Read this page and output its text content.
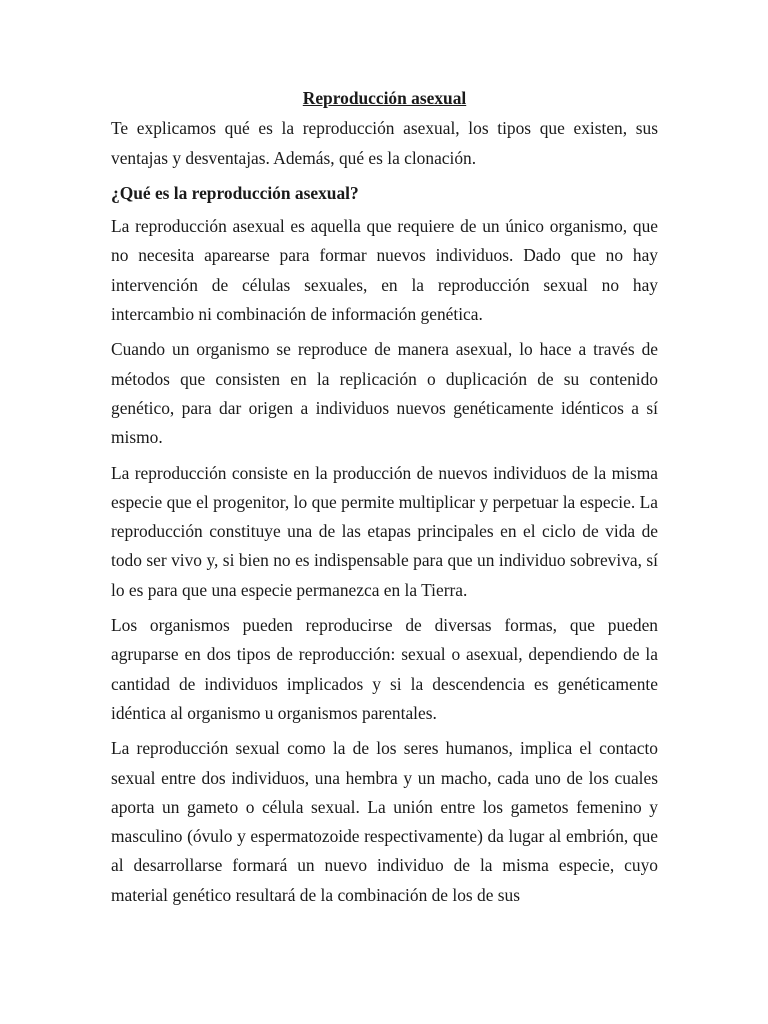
Reproducción asexual

Te explicamos qué es la reproducción asexual, los tipos que existen, sus ventajas y desventajas. Además, qué es la clonación.

¿Qué es la reproducción asexual?

La reproducción asexual es aquella que requiere de un único organismo, que no necesita aparearse para formar nuevos individuos. Dado que no hay intervención de células sexuales, en la reproducción sexual no hay intercambio ni combinación de información genética.

Cuando un organismo se reproduce de manera asexual, lo hace a través de métodos que consisten en la replicación o duplicación de su contenido genético, para dar origen a individuos nuevos genéticamente idénticos a sí mismo.

La reproducción consiste en la producción de nuevos individuos de la misma especie que el progenitor, lo que permite multiplicar y perpetuar la especie. La reproducción constituye una de las etapas principales en el ciclo de vida de todo ser vivo y, si bien no es indispensable para que un individuo sobreviva, sí lo es para que una especie permanezca en la Tierra.

Los organismos pueden reproducirse de diversas formas, que pueden agruparse en dos tipos de reproducción: sexual o asexual, dependiendo de la cantidad de individuos implicados y si la descendencia es genéticamente idéntica al organismo u organismos parentales.

La reproducción sexual como la de los seres humanos, implica el contacto sexual entre dos individuos, una hembra y un macho, cada uno de los cuales aporta un gameto o célula sexual. La unión entre los gametos femenino y masculino (óvulo y espermatozoide respectivamente) da lugar al embrión, que al desarrollarse formará un nuevo individuo de la misma especie, cuyo material genético resultará de la combinación de los de sus
